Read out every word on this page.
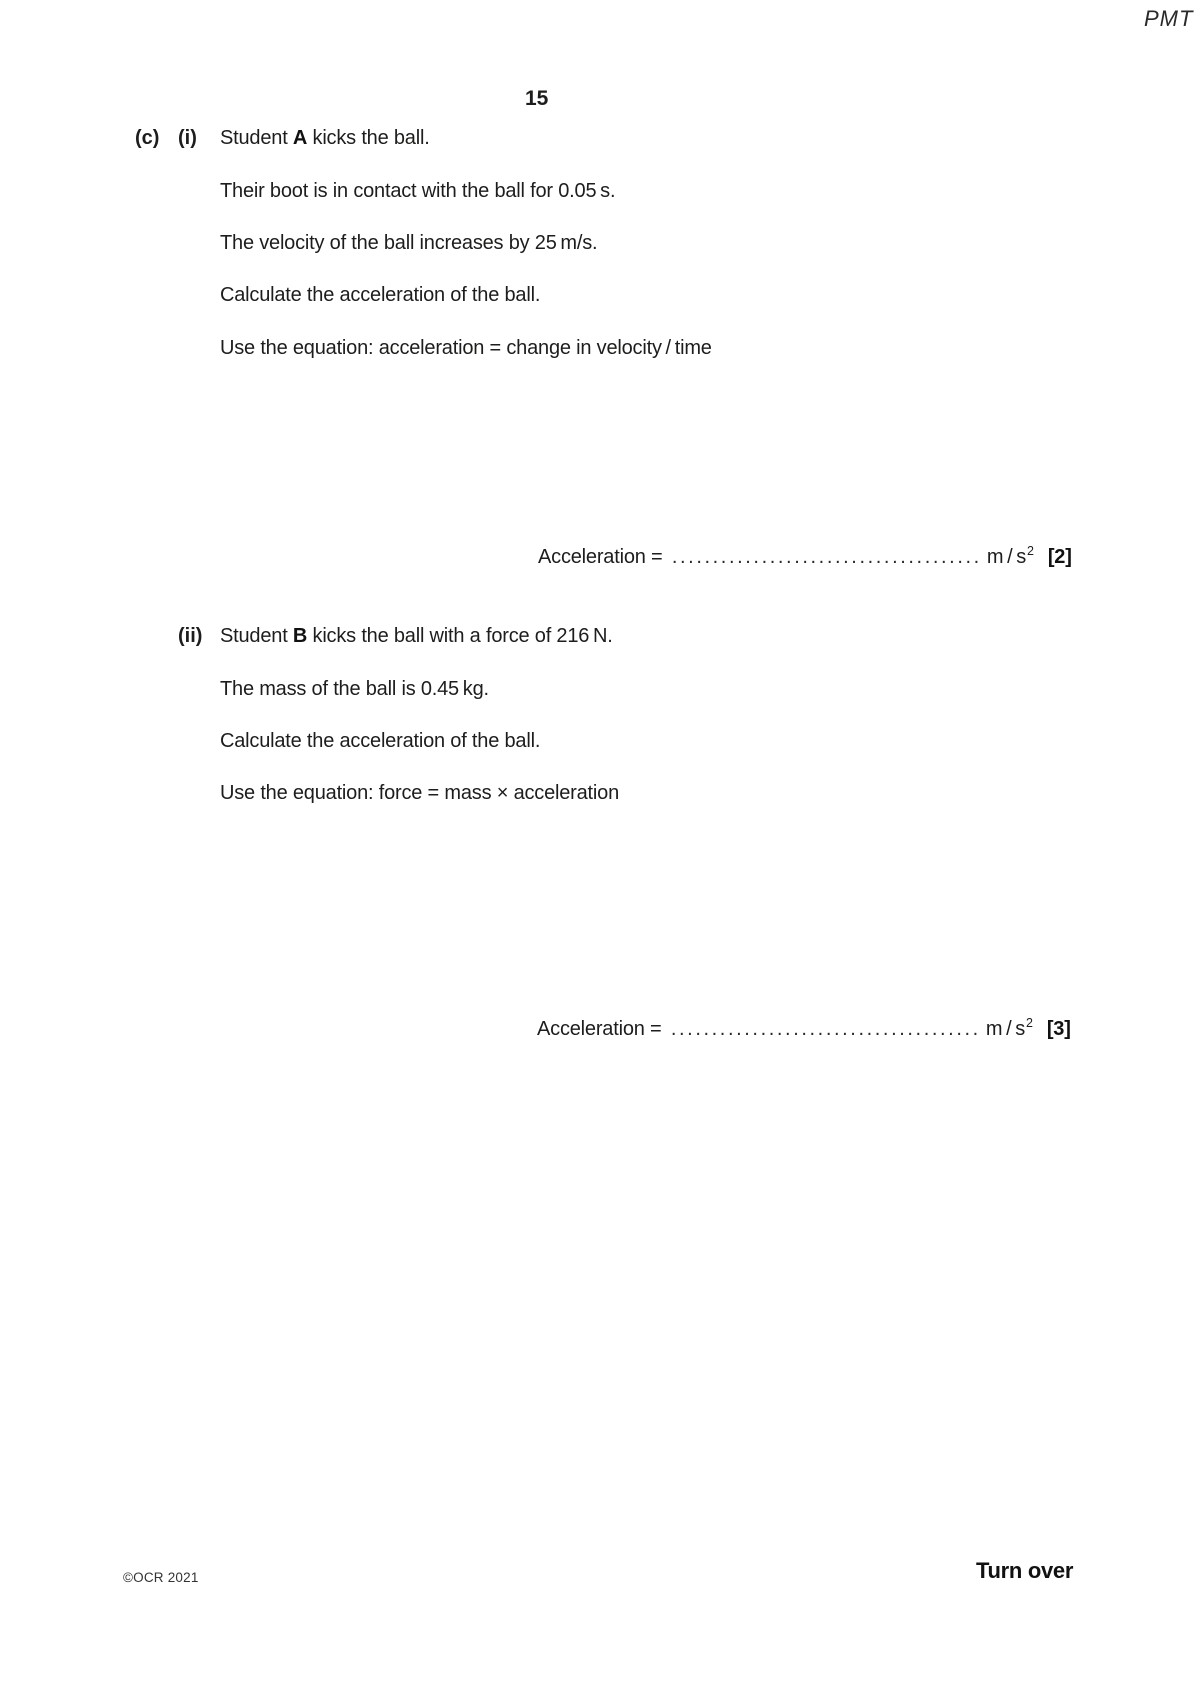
PMT
15
(c) (i) Student A kicks the ball.
Their boot is in contact with the ball for 0.05 s.
The velocity of the ball increases by 25 m/s.
Calculate the acceleration of the ball.
Use the equation: acceleration = change in velocity / time
Acceleration = ...................................... m / $s^2$ [2]
(ii) Student B kicks the ball with a force of 216 N.
The mass of the ball is 0.45 kg.
Calculate the acceleration of the ball.
Use the equation: force = mass × acceleration
Acceleration = ...................................... m / $s^2$ [3]
©OCR 2021	Turn over
